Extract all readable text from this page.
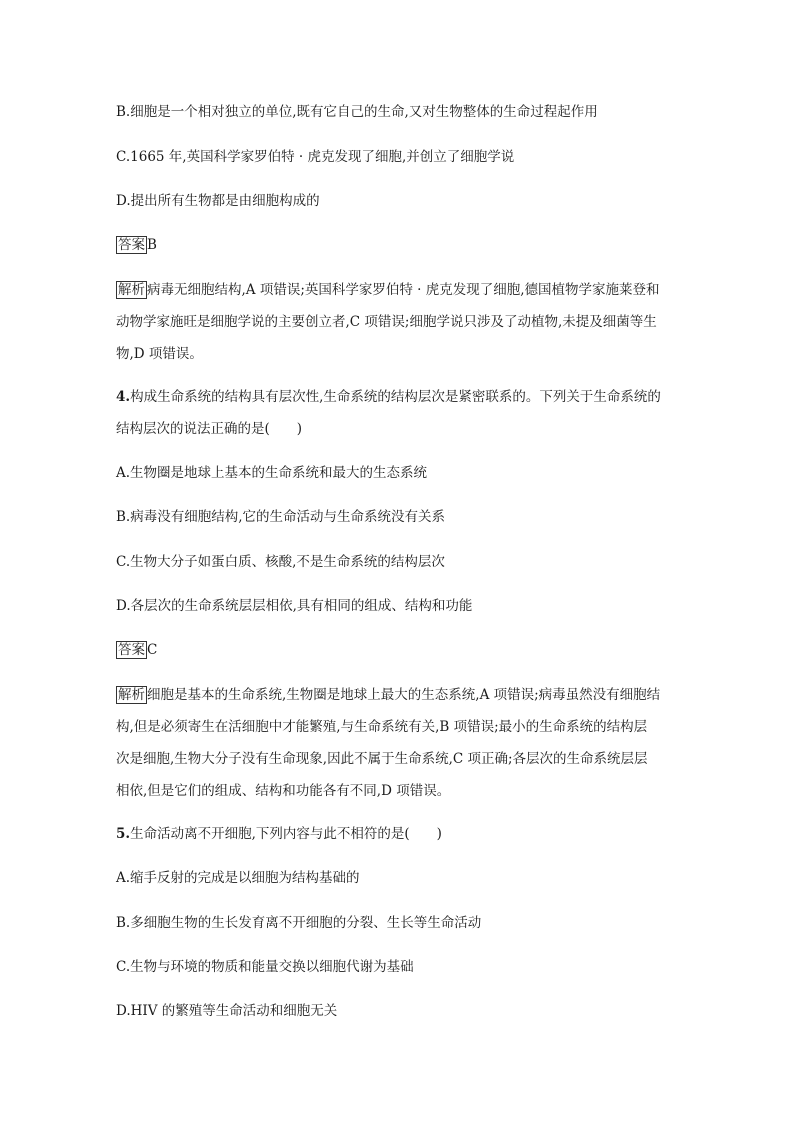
B.细胞是一个相对独立的单位,既有它自己的生命,又对生物整体的生命过程起作用
C.1665 年,英国科学家罗伯特 · 虎克发现了细胞,并创立了细胞学说
D.提出所有生物都是由细胞构成的
答案 B
解析 病毒无细胞结构,A 项错误;英国科学家罗伯特 · 虎克发现了细胞,德国植物学家施莱登和
动物学家施旺是细胞学说的主要创立者,C 项错误;细胞学说只涉及了动植物,未提及细菌等生
物,D 项错误。
4.构成生命系统的结构具有层次性,生命系统的结构层次是紧密联系的。下列关于生命系统的
结构层次的说法正确的是(　　)
A.生物圈是地球上基本的生命系统和最大的生态系统
B.病毒没有细胞结构,它的生命活动与生命系统没有关系
C.生物大分子如蛋白质、核酸,不是生命系统的结构层次
D.各层次的生命系统层层相依,具有相同的组成、结构和功能
答案 C
解析 细胞是基本的生命系统,生物圈是地球上最大的生态系统,A 项错误;病毒虽然没有细胞结
构,但是必须寄生在活细胞中才能繁殖,与生命系统有关,B 项错误;最小的生命系统的结构层
次是细胞,生物大分子没有生命现象,因此不属于生命系统,C 项正确;各层次的生命系统层层
相依,但是它们的组成、结构和功能各有不同,D 项错误。
5.生命活动离不开细胞,下列内容与此不相符的是(　　)
A.缩手反射的完成是以细胞为结构基础的
B.多细胞生物的生长发育离不开细胞的分裂、生长等生命活动
C.生物与环境的物质和能量交换以细胞代谢为基础
D.HIV 的繁殖等生命活动和细胞无关
